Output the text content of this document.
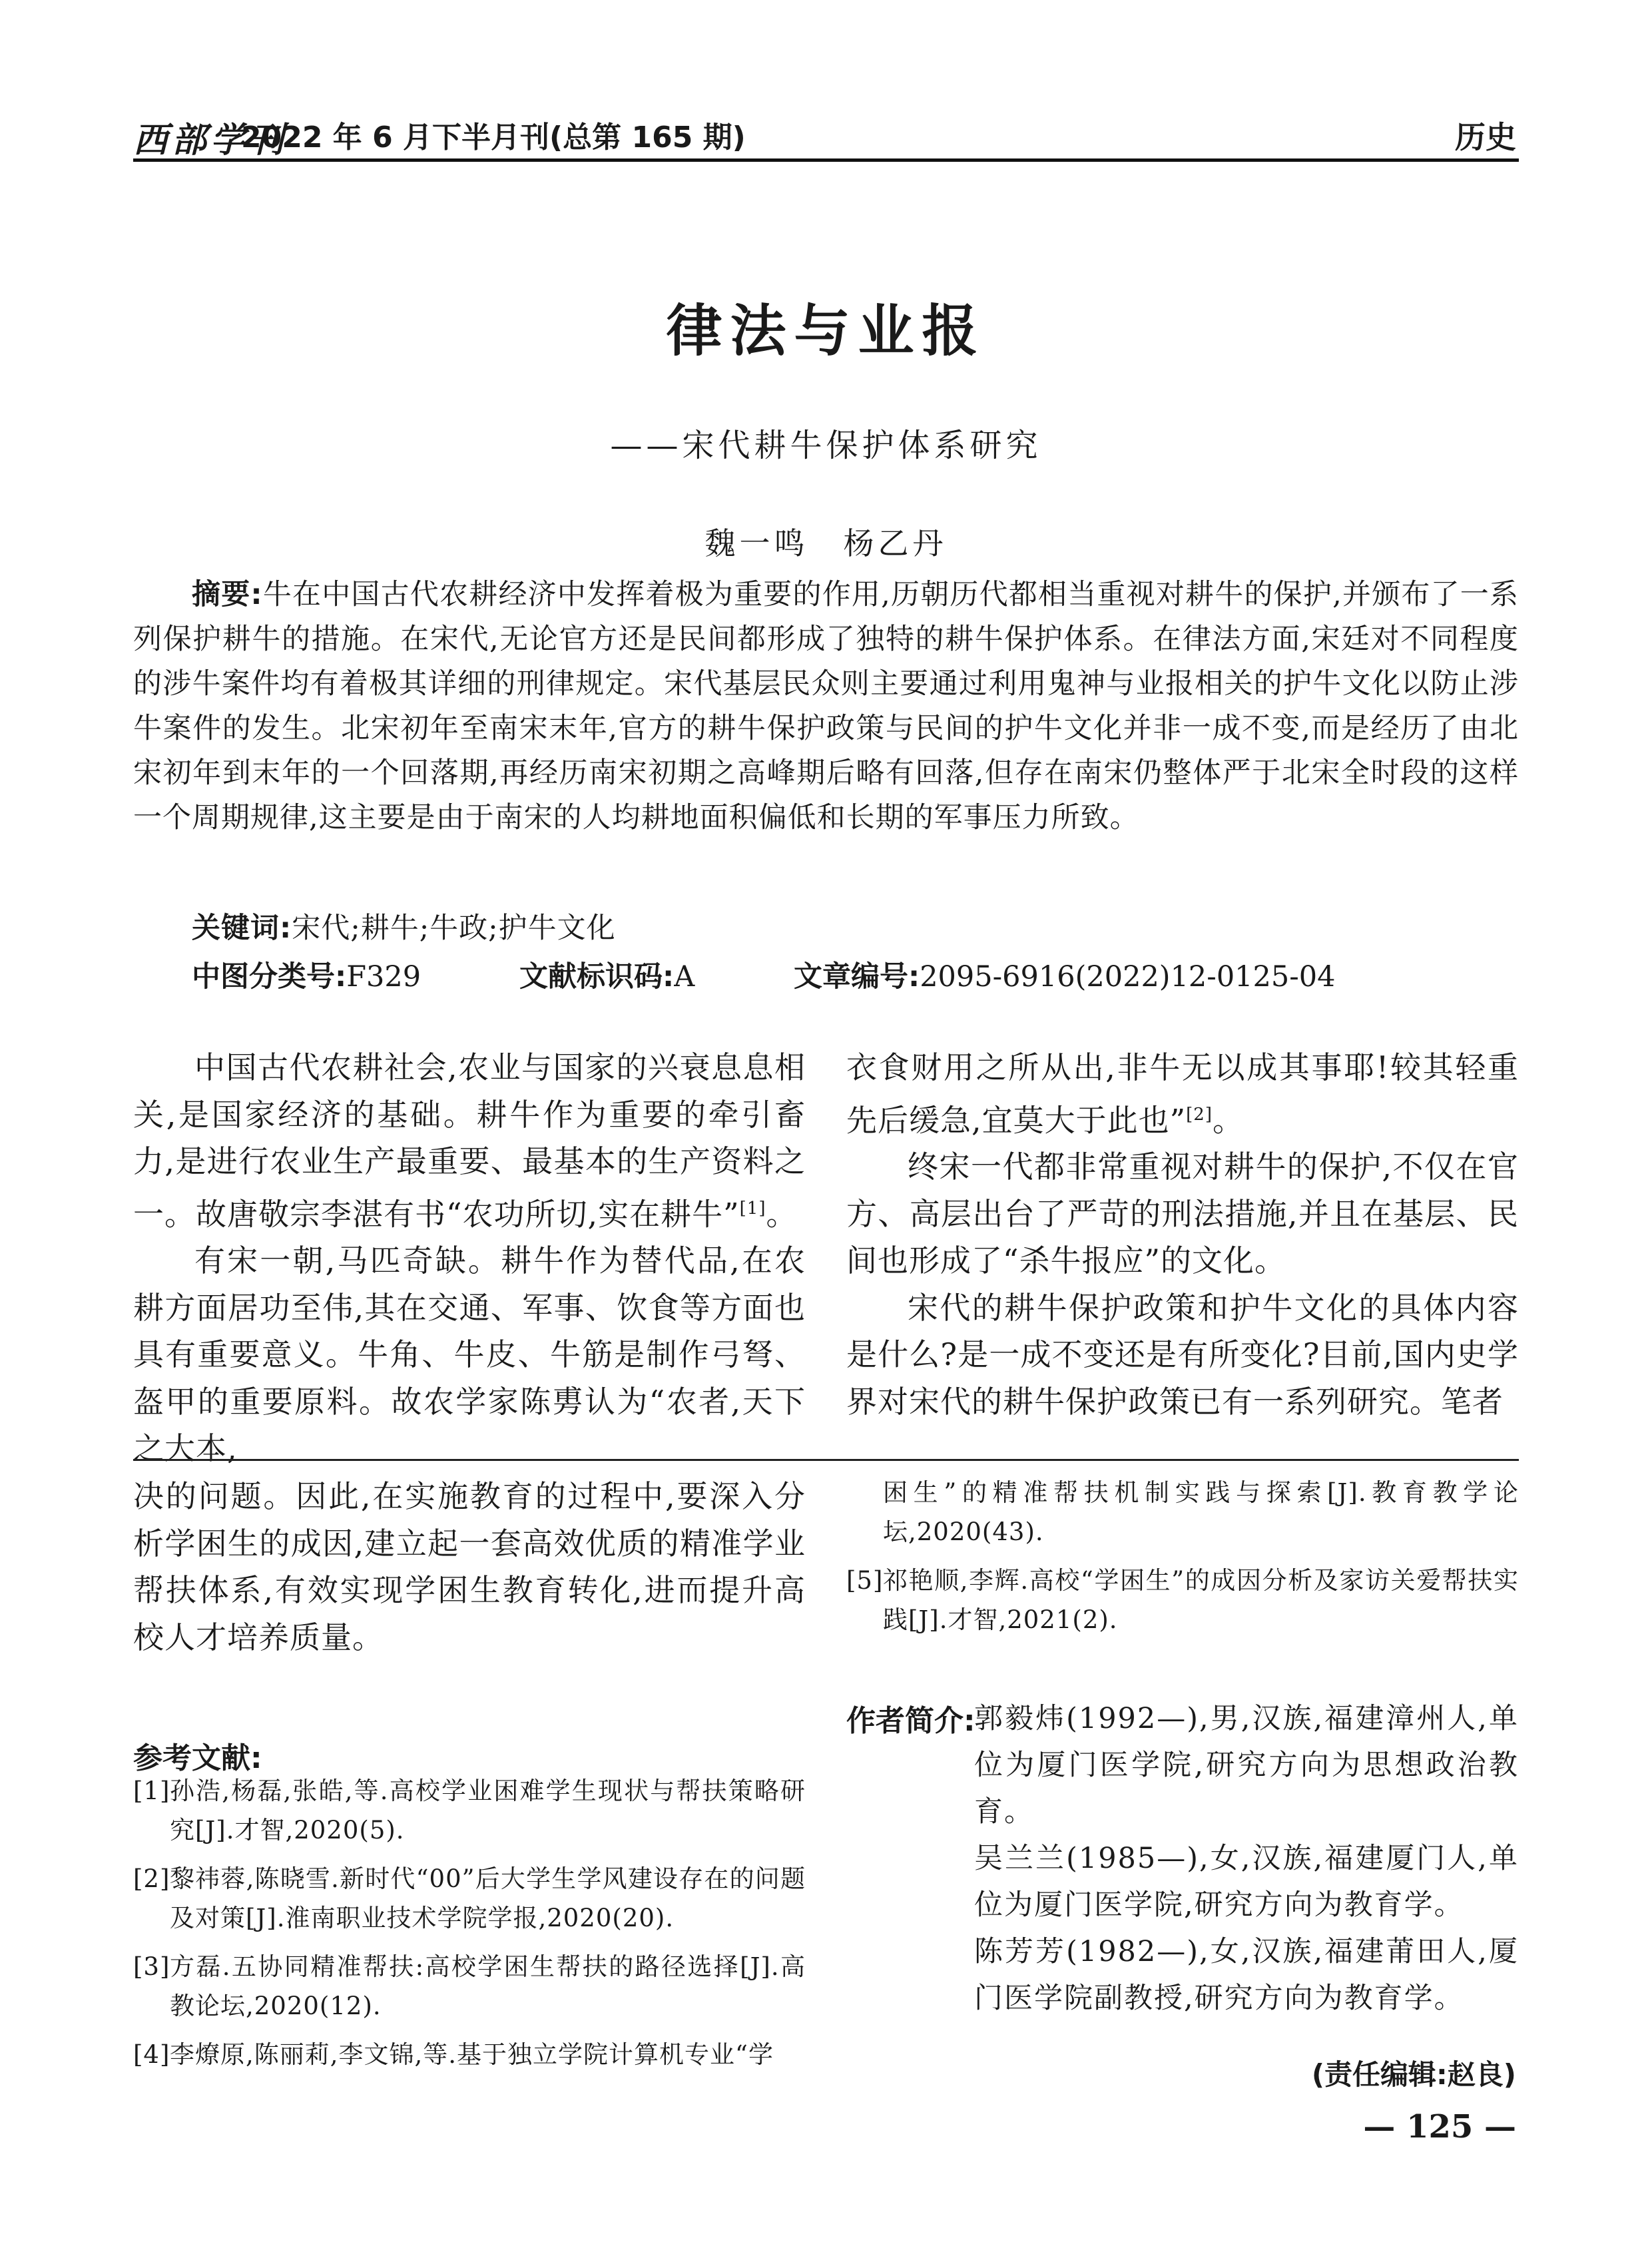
西部学刊
2022 年 6 月下半月刊(总第 165 期)	历史
律法与业报
——宋代耕牛保护体系研究
魏一鸣　杨乙丹
摘要:牛在中国古代农耕经济中发挥着极为重要的作用,历朝历代都相当重视对耕牛的保护,并颁布了一系列保护耕牛的措施。在宋代,无论官方还是民间都形成了独特的耕牛保护体系。在律法方面,宋廷对不同程度的涉牛案件均有着极其详细的刑律规定。宋代基层民众则主要通过利用鬼神与业报相关的护牛文化以防止涉牛案件的发生。北宋初年至南宋末年,官方的耕牛保护政策与民间的护牛文化并非一成不变,而是经历了由北宋初年到末年的一个回落期,再经历南宋初期之高峰期后略有回落,但存在南宋仍整体严于北宋全时段的这样一个周期规律,这主要是由于南宋的人均耕地面积偏低和长期的军事压力所致。
关键词:宋代;耕牛;牛政;护牛文化
中图分类号:F329	文献标识码:A	文章编号:2095-6916(2022)12-0125-04

中国古代农耕社会,农业与国家的兴衰息息相关,是国家经济的基础。耕牛作为重要的牵引畜力,是进行农业生产最重要、最基本的生产资料之一。故唐敬宗李湛有书“农功所切,实在耕牛”[1]。

有宋一朝,马匹奇缺。耕牛作为替代品,在农耕方面居功至伟,其在交通、军事、饮食等方面也具有重要意义。牛角、牛皮、牛筋是制作弓弩、盔甲的重要原料。故农学家陈旉认为“农者,天下之大本,

衣食财用之所从出,非牛无以成其事耶!较其轻重先后缓急,宜莫大于此也”[2]。

终宋一代都非常重视对耕牛的保护,不仅在官方、高层出台了严苛的刑法措施,并且在基层、民间也形成了“杀牛报应”的文化。

宋代的耕牛保护政策和护牛文化的具体内容是什么?是一成不变还是有所变化?目前,国内史学界对宋代的耕牛保护政策已有一系列研究。笔者

决的问题。因此,在实施教育的过程中,要深入分析学困生的成因,建立起一套高效优质的精准学业帮扶体系,有效实现学困生教育转化,进而提升高校人才培养质量。

参考文献:
[1] 孙浩,杨磊,张皓,等.高校学业困难学生现状与帮扶策略研究[J].才智,2020(5).
[2] 黎祎蓉,陈晓雪.新时代“00”后大学生学风建设存在的问题及对策[J].淮南职业技术学院学报,2020(20).
[3] 方磊.五协同精准帮扶:高校学困生帮扶的路径选择[J].高教论坛,2020(12).
[4] 李燎原,陈丽莉,李文锦,等.基于独立学院计算机专业“学
困生”的精准帮扶机制实践与探索[J].教育教学论坛,2020(43).
[5] 祁艳顺,李辉.高校“学困生”的成因分析及家访关爱帮扶实践[J].才智,2021(2).
作者简介:

郭毅炜(1992—),男,汉族,福建漳州人,单位为厦门医学院,研究方向为思想政治教育。

吴兰兰(1985—),女,汉族,福建厦门人,单位为厦门医学院,研究方向为教育学。

陈芳芳(1982—),女,汉族,福建莆田人,厦门医学院副教授,研究方向为教育学。

(责任编辑:赵良)
— 125 —
